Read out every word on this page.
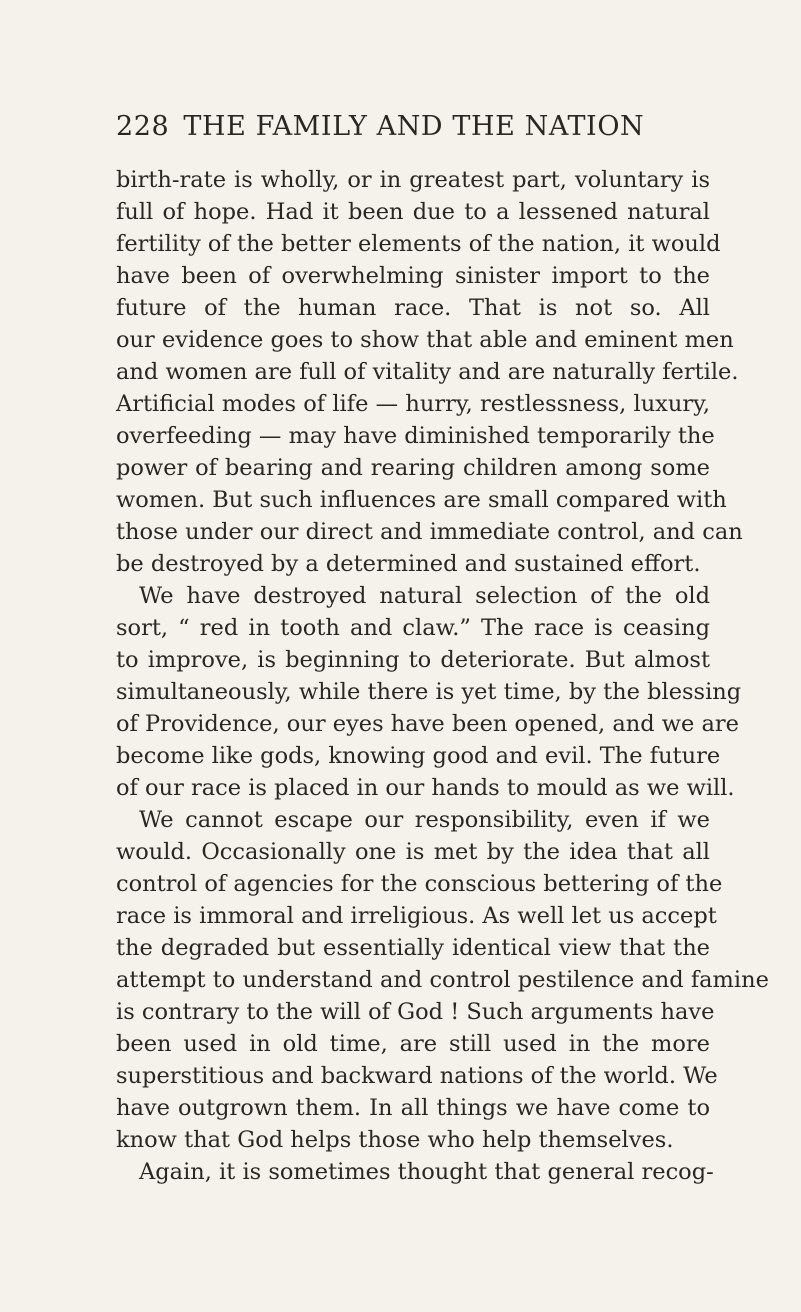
228 THE FAMILY AND THE NATION
birth-rate is wholly, or in greatest part, voluntary is
full of hope. Had it been due to a lessened natural
fertility of the better elements of the nation, it would
have been of overwhelming sinister import to the
future of the human race. That is not so. All
our evidence goes to show that able and eminent men
and women are full of vitality and are naturally fertile.
Artificial modes of life — hurry, restlessness, luxury,
overfeeding — may have diminished temporarily the
power of bearing and rearing children among some
women. But such influences are small compared with
those under our direct and immediate control, and can
be destroyed by a determined and sustained effort.
We have destroyed natural selection of the old
sort, “ red in tooth and claw.” The race is ceasing
to improve, is beginning to deteriorate. But almost
simultaneously, while there is yet time, by the blessing
of Providence, our eyes have been opened, and we are
become like gods, knowing good and evil. The future
of our race is placed in our hands to mould as we will.
We cannot escape our responsibility, even if we
would. Occasionally one is met by the idea that all
control of agencies for the conscious bettering of the
race is immoral and irreligious. As well let us accept
the degraded but essentially identical view that the
attempt to understand and control pestilence and famine
is contrary to the will of God ! Such arguments have
been used in old time, are still used in the more
superstitious and backward nations of the world. We
have outgrown them. In all things we have come to
know that God helps those who help themselves.
Again, it is sometimes thought that general recog-
